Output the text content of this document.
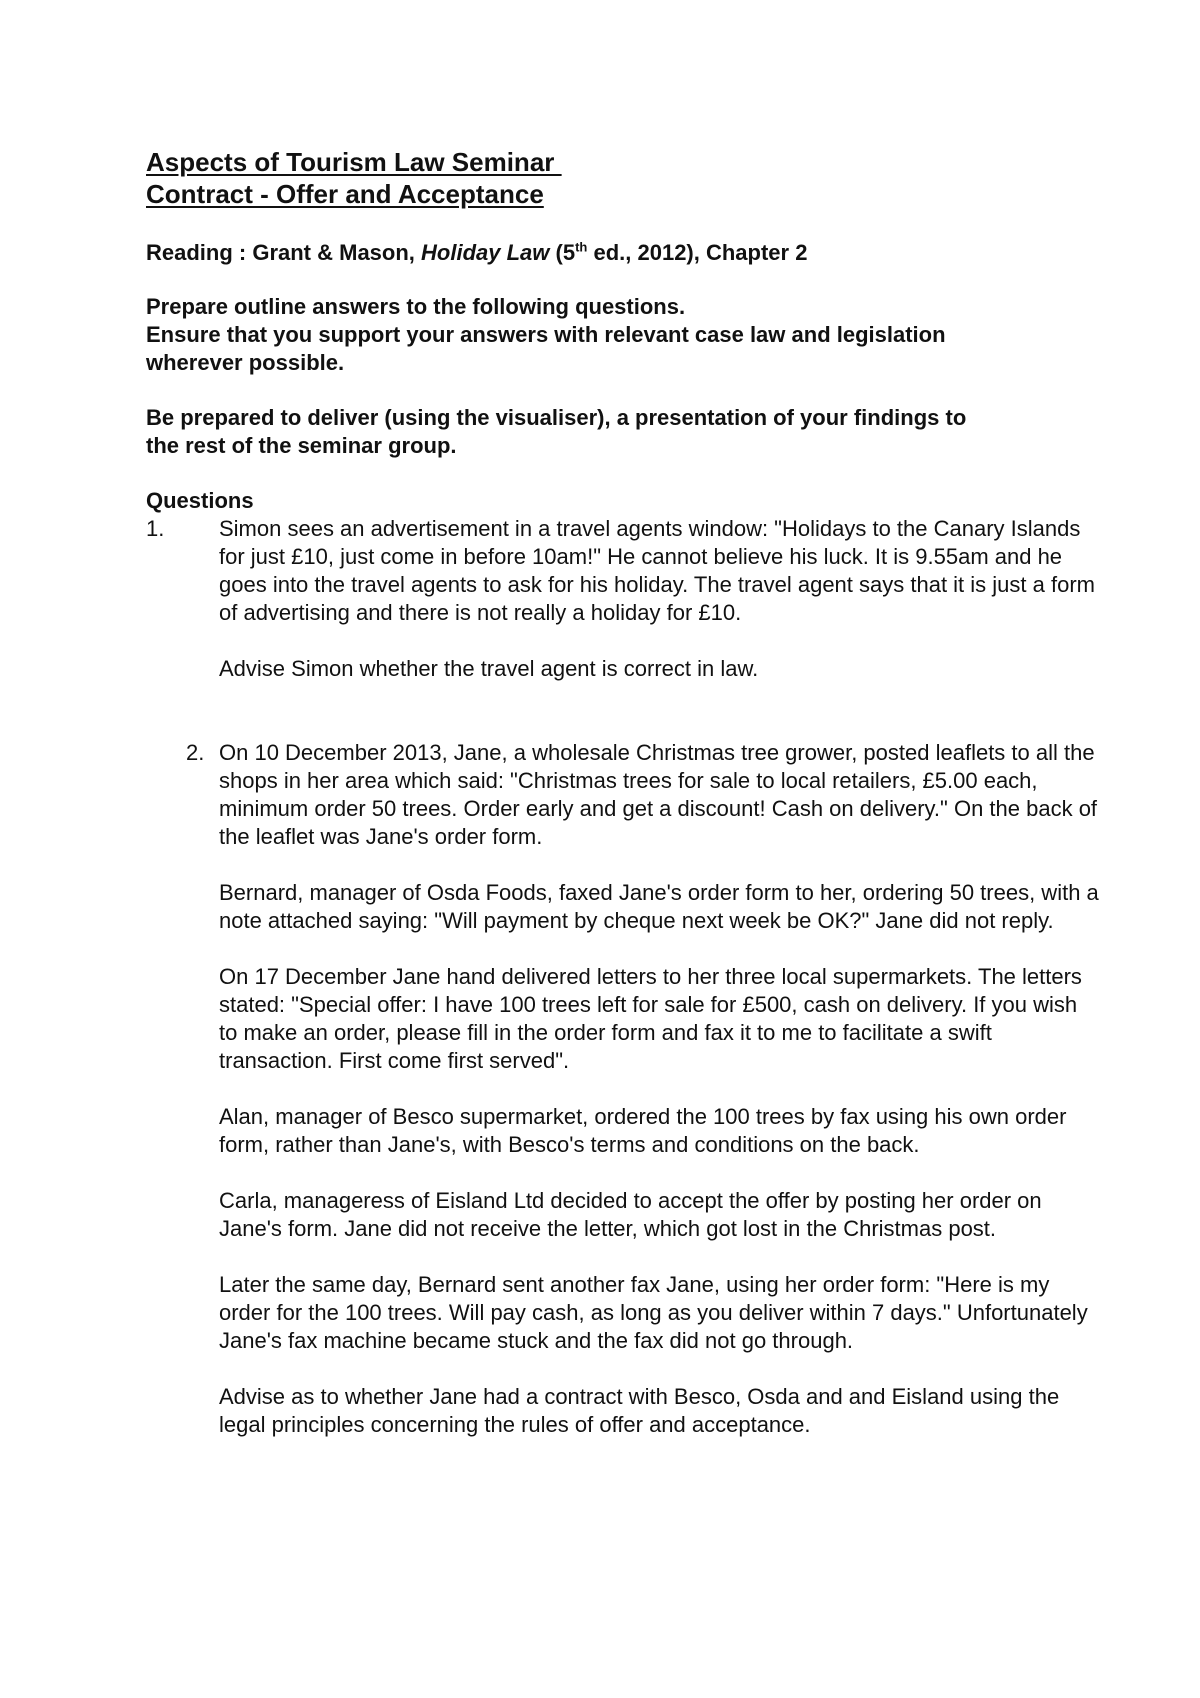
Aspects of Tourism Law Seminar
Contract - Offer and Acceptance
Reading : Grant & Mason, Holiday Law (5th ed., 2012), Chapter 2
Prepare outline answers to the following questions.
Ensure that you support your answers with relevant case law and legislation
wherever possible.
Be prepared to deliver (using the visualiser), a presentation of your findings to
the rest of the seminar group.
Questions
1. Simon sees an advertisement in a travel agents window: "Holidays to the Canary Islands for just £10, just come in before 10am!" He cannot believe his luck. It is 9.55am and he goes into the travel agents to ask for his holiday. The travel agent says that it is just a form of advertising and there is not really a holiday for £10.

Advise Simon whether the travel agent is correct in law.

2. On 10 December 2013, Jane, a wholesale Christmas tree grower, posted leaflets to all the shops in her area which said: "Christmas trees for sale to local retailers, £5.00 each, minimum order 50 trees. Order early and get a discount! Cash on delivery." On the back of the leaflet was Jane's order form.

Bernard, manager of Osda Foods, faxed Jane's order form to her, ordering 50 trees, with a note attached saying: "Will payment by cheque next week be OK?" Jane did not reply.

On 17 December Jane hand delivered letters to her three local supermarkets. The letters stated: "Special offer: I have 100 trees left for sale for £500, cash on delivery. If you wish to make an order, please fill in the order form and fax it to me to facilitate a swift transaction. First come first served".

Alan, manager of Besco supermarket, ordered the 100 trees by fax using his own order form, rather than Jane's, with Besco's terms and conditions on the back.

Carla, manageress of Eisland Ltd decided to accept the offer by posting her order on Jane's form. Jane did not receive the letter, which got lost in the Christmas post.

Later the same day, Bernard sent another fax Jane, using her order form: "Here is my order for the 100 trees. Will pay cash, as long as you deliver within 7 days." Unfortunately Jane's fax machine became stuck and the fax did not go through.

Advise as to whether Jane had a contract with Besco, Osda and and Eisland using the legal principles concerning the rules of offer and acceptance.
